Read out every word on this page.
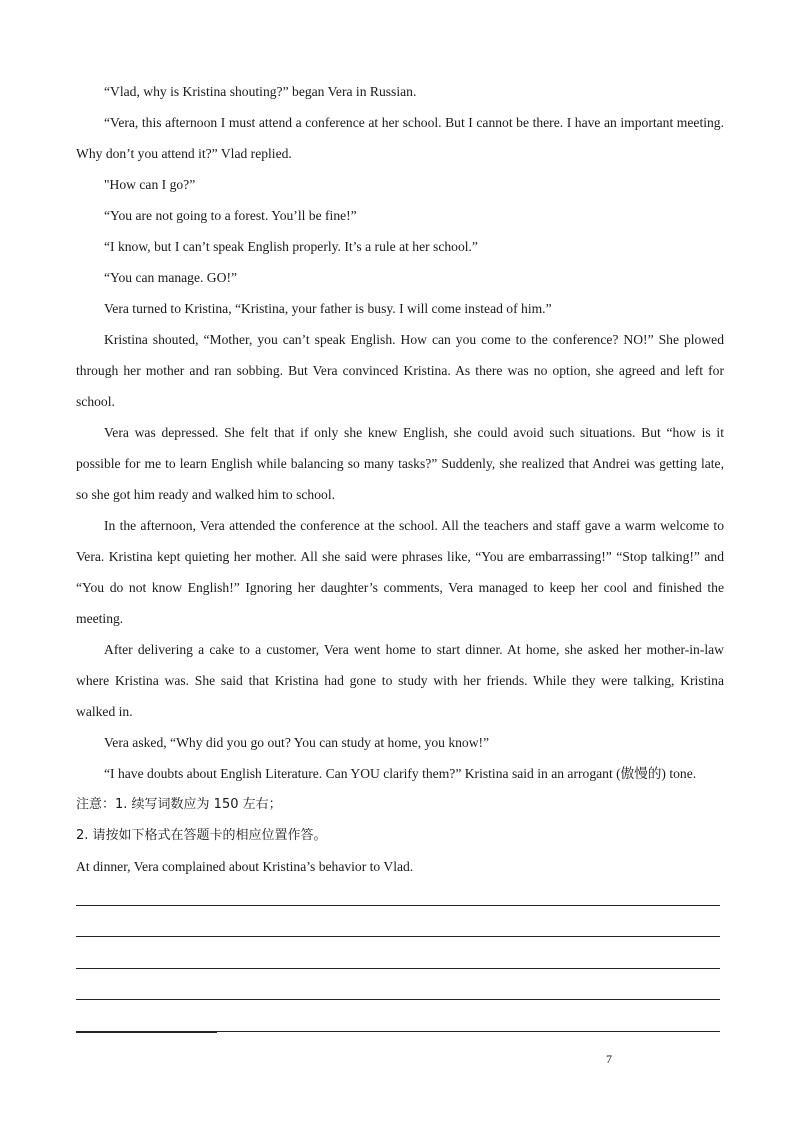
“Vlad, why is Kristina shouting?” began Vera in Russian.

“Vera, this afternoon I must attend a conference at her school. But I cannot be there. I have an important meeting. Why don’t you attend it?” Vlad replied.

"How can I go?”

“You are not going to a forest. You’ll be fine!”

“I know, but I can’t speak English properly. It’s a rule at her school.”

“You can manage. GO!”

Vera turned to Kristina, “Kristina, your father is busy. I will come instead of him.”

Kristina shouted, “Mother, you can’t speak English. How can you come to the conference? NO!” She plowed through her mother and ran sobbing. But Vera convinced Kristina. As there was no option, she agreed and left for school.

Vera was depressed. She felt that if only she knew English, she could avoid such situations. But “how is it possible for me to learn English while balancing so many tasks?” Suddenly, she realized that Andrei was getting late, so she got him ready and walked him to school.

In the afternoon, Vera attended the conference at the school. All the teachers and staff gave a warm welcome to Vera. Kristina kept quieting her mother. All she said were phrases like, “You are embarrassing!” “Stop talking!” and “You do not know English!” Ignoring her daughter’s comments, Vera managed to keep her cool and finished the meeting.

After delivering a cake to a customer, Vera went home to start dinner. At home, she asked her mother-in-law where Kristina was. She said that Kristina had gone to study with her friends. While they were talking, Kristina walked in.

Vera asked, “Why did you go out? You can study at home, you know!”

“I have doubts about English Literature. Can YOU clarify them?” Kristina said in an arrogant (傲慢的) tone.

注意：1. 续写词数应为 150 左右；

2. 请按如下格式在答题卡的相应位置作答。

At dinner, Vera complained about Kristina’s behavior to Vlad.

7
